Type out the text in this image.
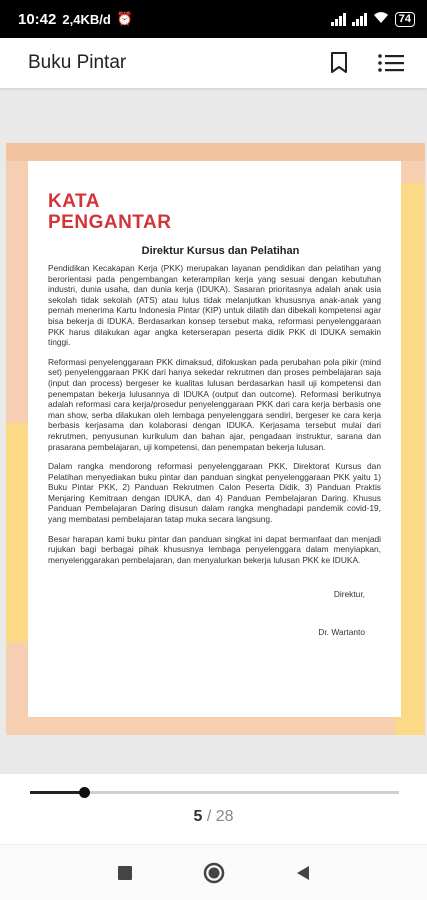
10:42 2,4KB/d ⏰	74
Buku Pintar
KATA
PENGANTAR
Direktur Kursus dan Pelatihan

Pendidikan Kecakapan Kerja (PKK) merupakan layanan pendidikan dan pelatihan yang berorientasi pada pengembangan keterampilan kerja yang sesuai dengan kebutuhan industri, dunia usaha, dan dunia kerja (IDUKA). Sasaran prioritasnya adalah anak usia sekolah tidak sekolah (ATS) atau lulus tidak melanjutkan khususnya anak-anak yang pernah menerima Kartu Indonesia Pintar (KIP) untuk dilatih dan dibekali kompetensi agar bisa bekerja di IDUKA. Berdasarkan konsep tersebut maka, reformasi penyelenggaraan PKK harus dilakukan agar angka keterserapan peserta didik PKK di IDUKA semakin tinggi.

Reformasi penyelenggaraan PKK dimaksud, difokuskan pada perubahan pola pikir (mind set) penyelenggaraan PKK dari hanya sekedar rekrutmen dan proses pembelajaran saja (input dan process) bergeser ke kualitas lulusan berdasarkan hasil uji kompetensi dan penempatan bekerja lulusannya di IDUKA (output dan outcome). Reformasi berikutnya adalah reformasi cara kerja/prosedur penyelenggaraan PKK dari cara kerja berbasis one man show, serba dilakukan oleh lembaga penyelenggara sendiri, bergeser ke cara kerja berbasis kerjasama dan kolaborasi dengan IDUKA. Kerjasama tersebut mulai dari rekrutmen, penyusunan kurikulum dan bahan ajar, pengadaan instruktur, sarana dan prasarana pembelajaran, uji kompetensi, dan penempatan bekerja lulusan.

Dalam rangka mendorong reformasi penyelenggaraan PKK, Direktorat Kursus dan Pelatihan menyediakan buku pintar dan panduan singkat penyelenggaraan PKK yaitu 1) Buku Pintar PKK, 2) Panduan Rekrutmen Calon Peserta Didik, 3) Panduan Praktis Menjaring Kemitraan dengan IDUKA, dan 4) Panduan Pembelajaran Daring. Khusus Panduan Pembelajaran Daring disusun dalam rangka menghadapi pandemik covid-19, yang membatasi pembelajaran tatap muka secara langsung.

Besar harapan kami buku pintar dan panduan singkat ini dapat bermanfaat dan menjadi rujukan bagi berbagai pihak khususnya lembaga penyelenggara dalam menyiapkan, menyelenggarakan pembelajaran, dan menyalurkan bekerja lulusan PKK ke IDUKA.

Direktur,
Dr. Wartanto
5 / 28
